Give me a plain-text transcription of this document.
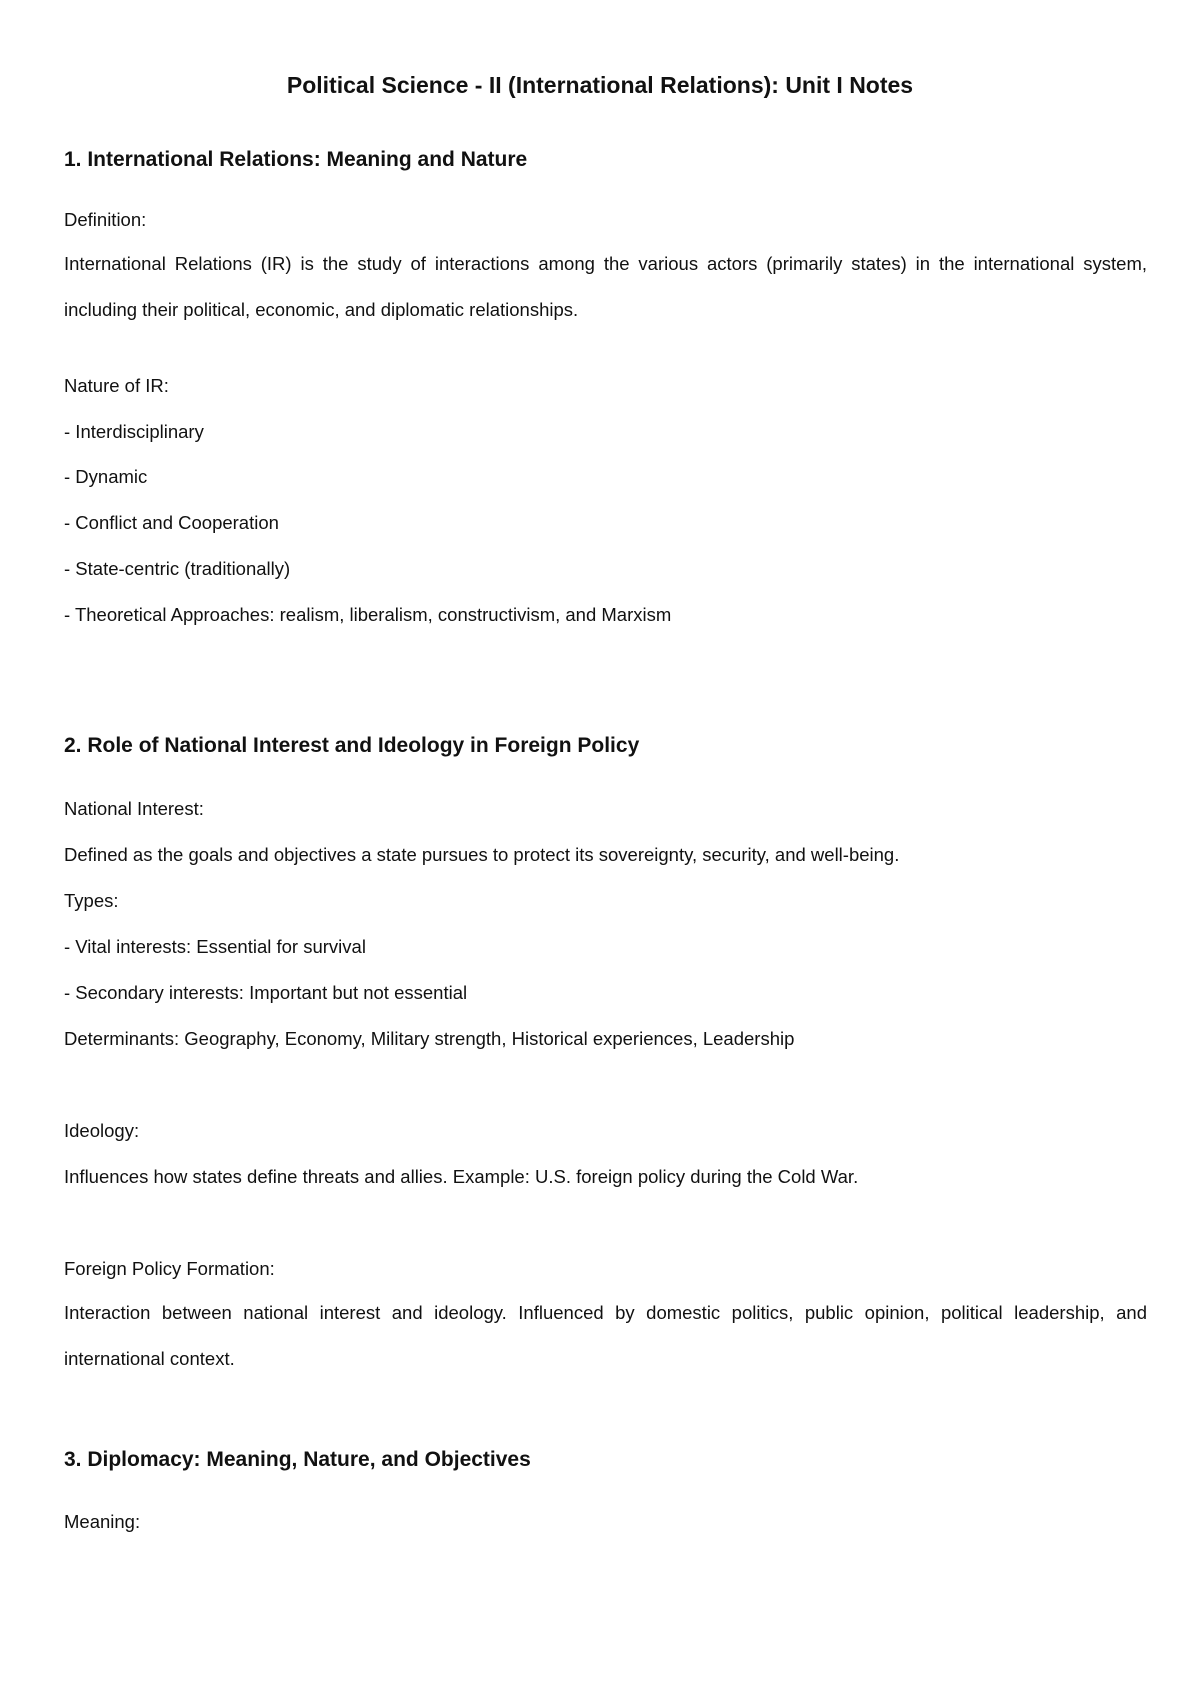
Political Science - II (International Relations): Unit I Notes
1. International Relations: Meaning and Nature
Definition:
International Relations (IR) is the study of interactions among the various actors (primarily states) in the international system, including their political, economic, and diplomatic relationships.
Nature of IR:
- Interdisciplinary
- Dynamic
- Conflict and Cooperation
- State-centric (traditionally)
- Theoretical Approaches: realism, liberalism, constructivism, and Marxism
2. Role of National Interest and Ideology in Foreign Policy
National Interest:
Defined as the goals and objectives a state pursues to protect its sovereignty, security, and well-being.
Types:
- Vital interests: Essential for survival
- Secondary interests: Important but not essential
Determinants: Geography, Economy, Military strength, Historical experiences, Leadership
Ideology:
Influences how states define threats and allies. Example: U.S. foreign policy during the Cold War.
Foreign Policy Formation:
Interaction between national interest and ideology. Influenced by domestic politics, public opinion, political leadership, and international context.
3. Diplomacy: Meaning, Nature, and Objectives
Meaning:
